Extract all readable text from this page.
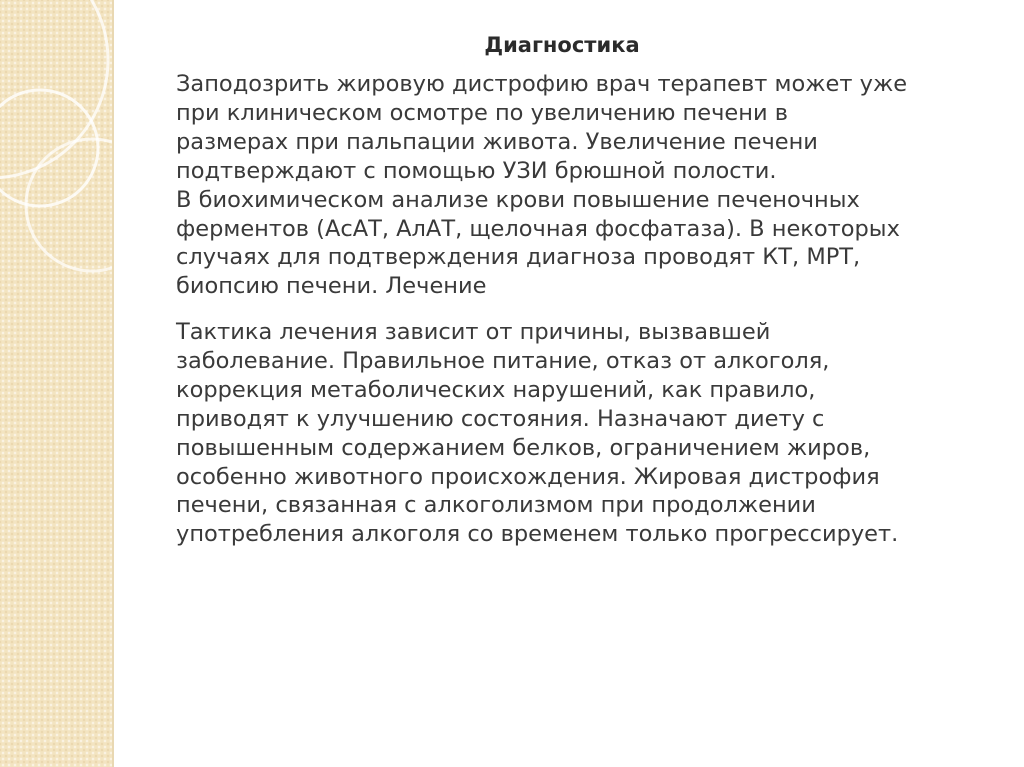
Диагностика

Заподозрить жировую дистрофию врач терапевт может уже
при клиническом осмотре по увеличению печени в
размерах при пальпации живота. Увеличение печени
подтверждают с помощью УЗИ брюшной полости.
В биохимическом анализе крови повышение печеночных
ферментов (АсАТ, АлАТ, щелочная фосфатаза). В некоторых
случаях для подтверждения диагноза проводят КТ, МРТ,
биопсию печени. Лечение

Тактика лечения зависит от причины, вызвавшей
заболевание. Правильное питание, отказ от алкоголя,
коррекция метаболических нарушений, как правило,
приводят к улучшению состояния. Назначают диету с
повышенным содержанием белков, ограничением жиров,
особенно животного происхождения. Жировая дистрофия
печени, связанная с алкоголизмом при продолжении
употребления алкоголя со временем только прогрессирует.
